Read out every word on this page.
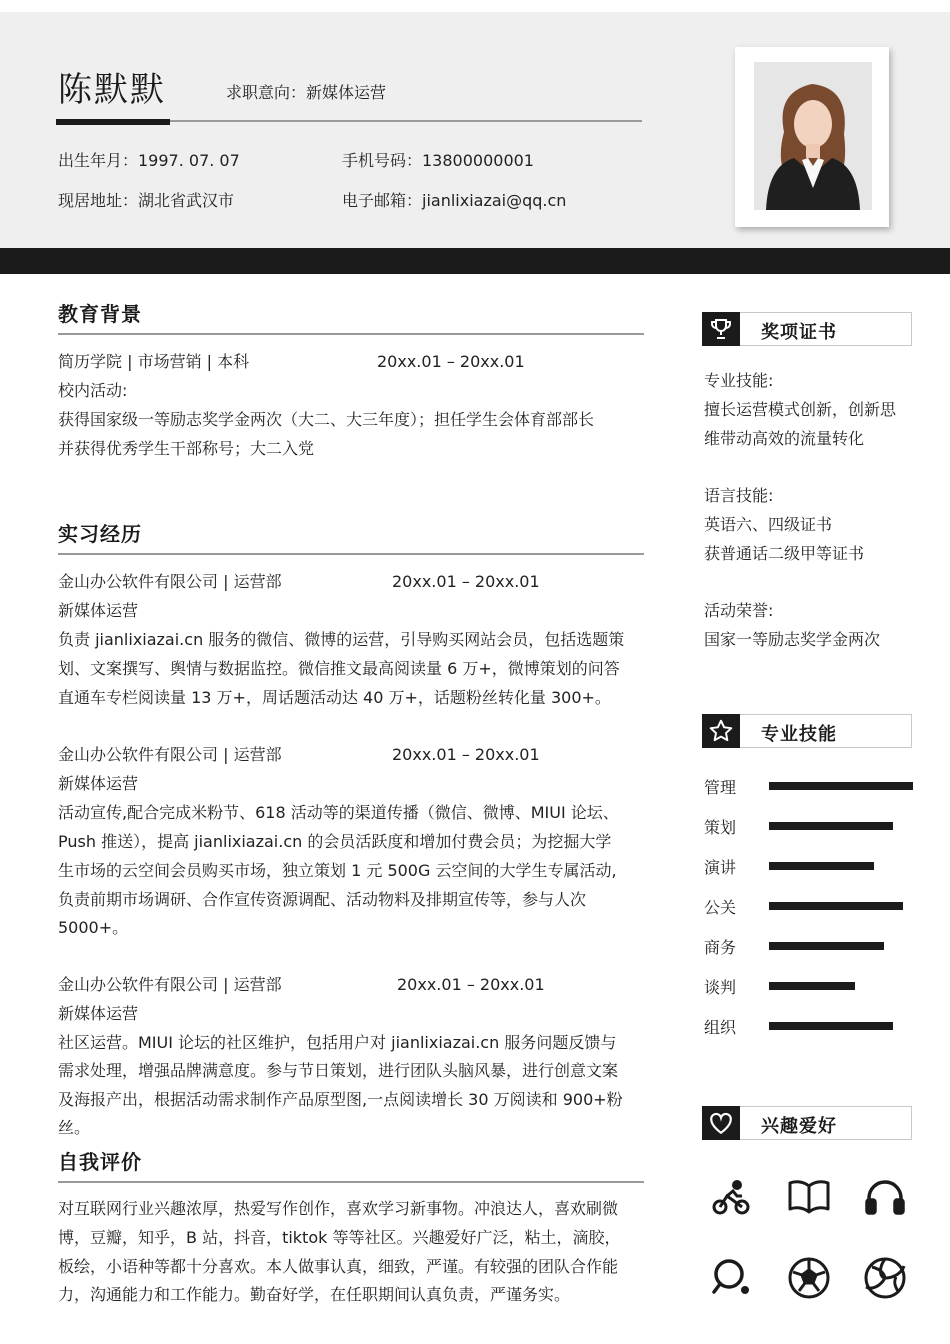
陈默默	求职意向：新媒体运营
出生年月：1997. 07. 07	手机号码：13800000001
现居地址：湖北省武汉市	电子邮箱：jianlixiazai@qq.cn
教育背景
简历学院 | 市场营销 | 本科	20xx.01 – 20xx.01
校内活动:
获得国家级一等励志奖学金两次（大二、大三年度）；担任学生会体育部部长
并获得优秀学生干部称号；大二入党
实习经历
金山办公软件有限公司 | 运营部	20xx.01 – 20xx.01
新媒体运营
负责 jianlixiazai.cn 服务的微信、微博的运营，引导购买网站会员，包括选题策
划、文案撰写、舆情与数据监控。微信推文最高阅读量 6 万+，微博策划的问答
直通车专栏阅读量 13 万+，周话题活动达 40 万+，话题粉丝转化量 300+。
金山办公软件有限公司 | 运营部	20xx.01 – 20xx.01
新媒体运营
活动宣传,配合完成米粉节、618 活动等的渠道传播（微信、微博、MIUI 论坛、
Push 推送），提高 jianlixiazai.cn 的会员活跃度和增加付费会员；为挖掘大学
生市场的云空间会员购买市场，独立策划 1 元 500G 云空间的大学生专属活动,
负责前期市场调研、合作宣传资源调配、活动物料及排期宣传等，参与人次
5000+。
金山办公软件有限公司 | 运营部	20xx.01 – 20xx.01
新媒体运营
社区运营。MIUI 论坛的社区维护，包括用户对 jianlixiazai.cn 服务问题反馈与
需求处理，增强品牌满意度。参与节日策划，进行团队头脑风暴，进行创意文案
及海报产出，根据活动需求制作产品原型图,一点阅读增长 30 万阅读和 900+粉
丝。
自我评价
对互联网行业兴趣浓厚，热爱写作创作，喜欢学习新事物。冲浪达人，喜欢刷微
博，豆瓣，知乎，B 站，抖音，tiktok 等等社区。兴趣爱好广泛，粘土，滴胶，
板绘，小语种等都十分喜欢。本人做事认真，细致，严谨。有较强的团队合作能
力，沟通能力和工作能力。勤奋好学，在任职期间认真负责，严谨务实。
奖项证书
专业技能:
擅长运营模式创新，创新思
维带动高效的流量转化
语言技能:
英语六、四级证书
获普通话二级甲等证书
活动荣誉:
国家一等励志奖学金两次
专业技能
管理
策划
演讲
公关
商务
谈判
组织
兴趣爱好
